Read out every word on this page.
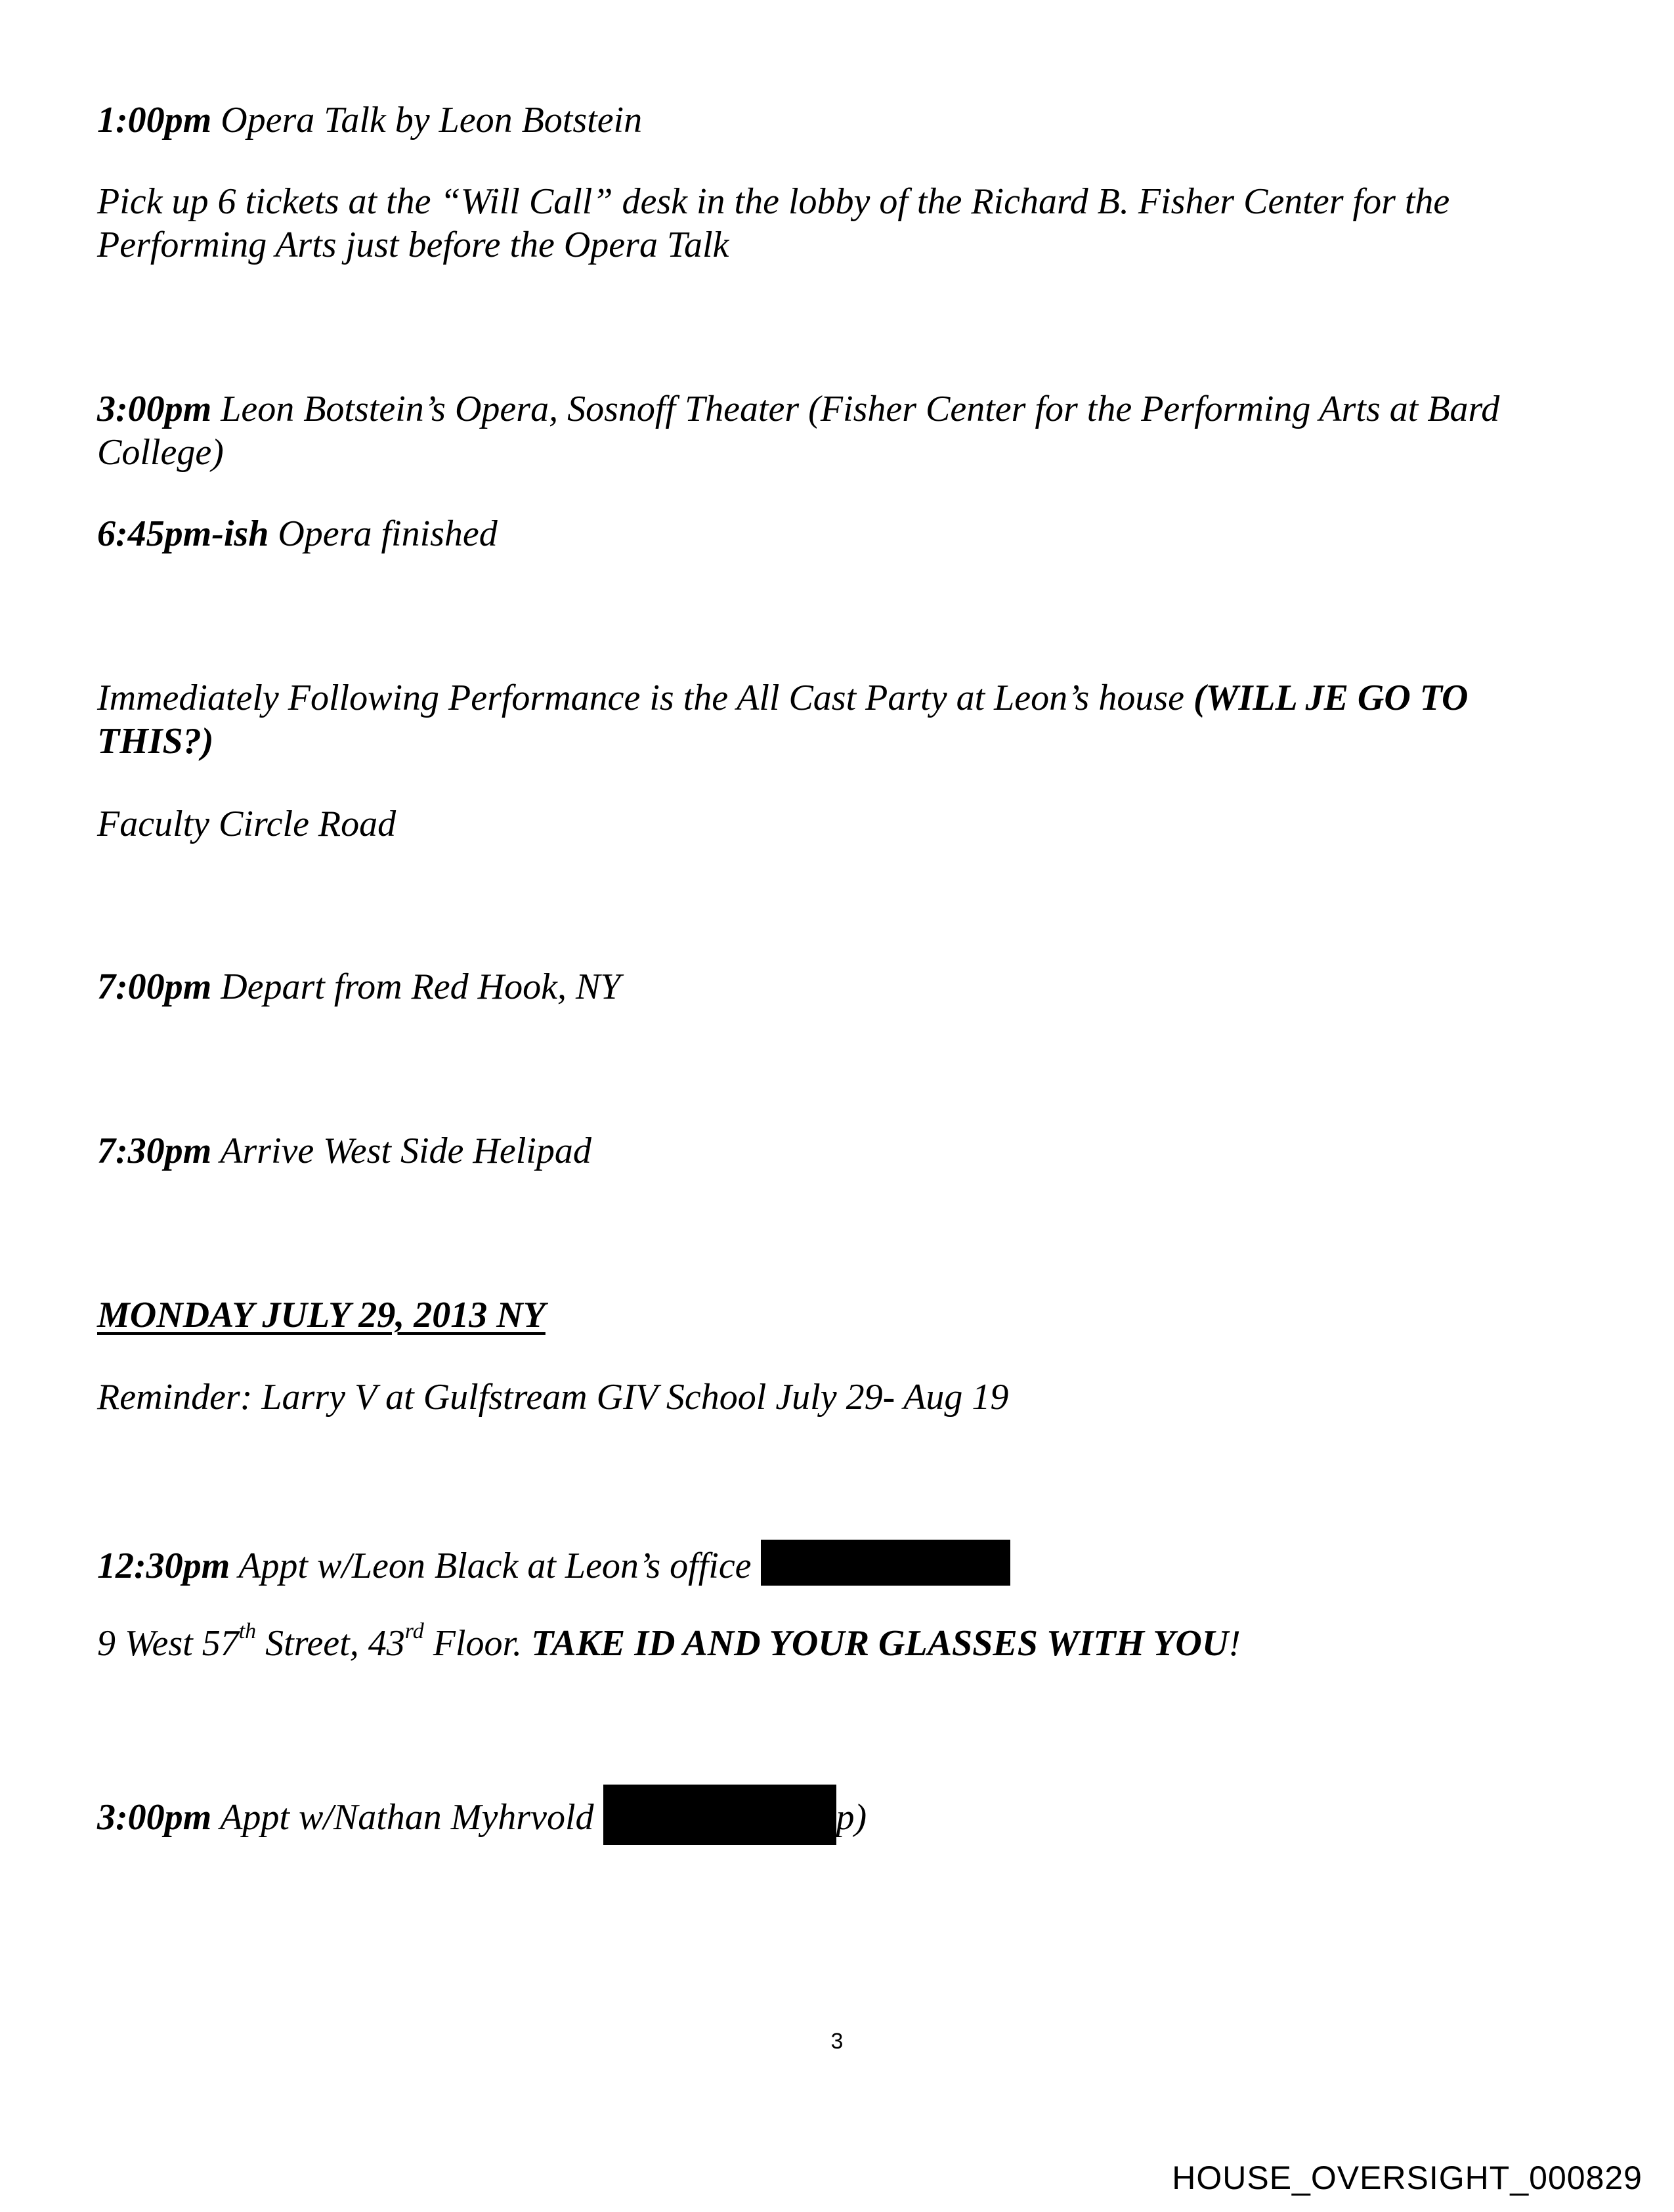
1:00pm Opera Talk by Leon Botstein

Pick up 6 tickets at the “Will Call” desk in the lobby of the Richard B. Fisher Center for the

Performing Arts just before the Opera Talk

3:00pm Leon Botstein’s Opera, Sosnoff Theater (Fisher Center for the Performing Arts at Bard

College)

6:45pm-ish Opera finished

Immediately Following Performance is the All Cast Party at Leon’s house (WILL JE GO TO

THIS?)

Faculty Circle Road

7:00pm Depart from Red Hook, NY

7:30pm Arrive West Side Helipad

MONDAY JULY 29, 2013 NY

Reminder: Larry V at Gulfstream GIV School July 29- Aug 19

12:30pm Appt w/Leon Black at Leon’s office

9 West 57th Street, 43rd Floor. TAKE ID AND YOUR GLASSES WITH YOU!

3:00pm Appt w/Nathan Myhrvold	p)

3
HOUSE_OVERSIGHT_000829
